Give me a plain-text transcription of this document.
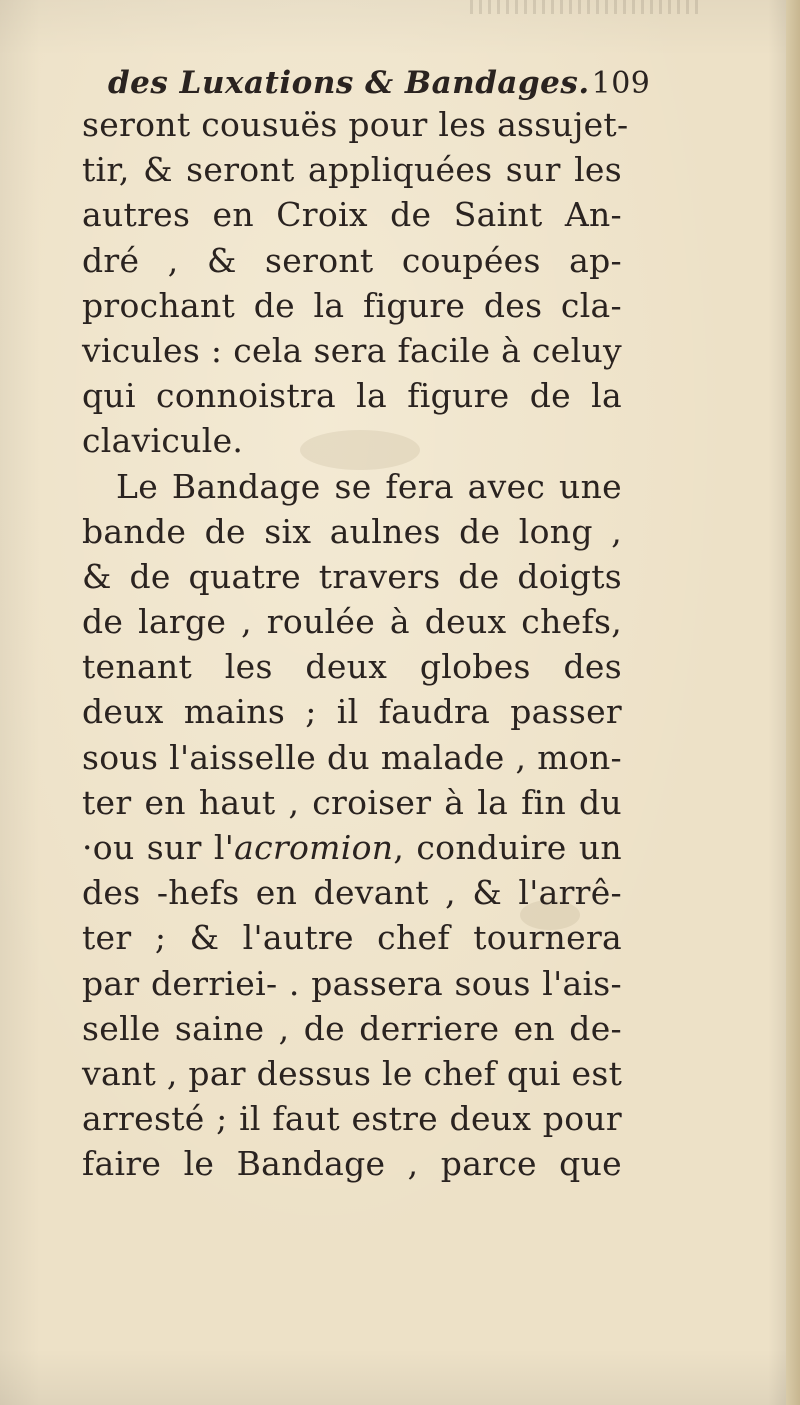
des Luxations & Bandages.109
seront cousuës pour les assujet-
tir, & seront appliquées sur les
autres en Croix de Saint An-
dré , & seront coupées ap-
prochant de la figure des cla-
vicules : cela sera facile à celuy
qui connoistra la figure de la
clavicule.
Le Bandage se fera avec une
bande de six aulnes de long ,
& de quatre travers de doigts
de large , roulée à deux chefs,
tenant les deux globes des
deux mains ; il faudra passer
sous l'aisselle du malade , mon-
ter en haut , croiser à la fin du
·ou sur l'acromion, conduire un
des -hefs en devant , & l'arrê-
ter ; & l'autre chef tournera
par derriei- . passera sous l'ais-
selle saine , de derriere en de-
vant , par dessus le chef qui est
arresté ; il faut estre deux pour
faire le Bandage , parce que
